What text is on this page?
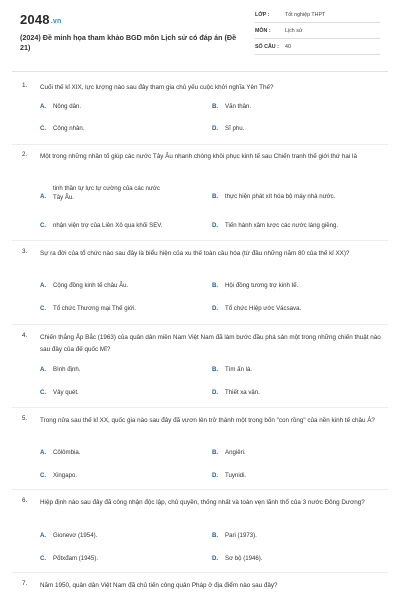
2048.vn
(2024) Đề minh họa tham khảo BGD môn Lịch sử có đáp án (Đề 21)
LỚP :	Tốt nghiệp THPT
MÔN :	Lịch sử
SỐ CÂU : 40
1. Cuối thế kỉ XIX, lực lượng nào sau đây tham gia chủ yếu cuộc khởi nghĩa Yên Thế?
A. Nông dân.	B. Văn thân.
C. Công nhân.	D. Sĩ phu.
2. Một trong những nhân tố giúp các nước Tây Âu nhanh chóng khôi phục kinh tế sau Chiến tranh thế giới thứ hai là
A.
tinh thần tự lực tự cường của các nước Tây Âu.	B. thực hiện phát xít hóa bộ máy nhà nước.
C. nhận viện trợ của Liên Xô qua khối SEV.	D. Tiến hành xâm lược các nước láng giềng.
3. Sự ra đời của tổ chức nào sau đây là biểu hiện của xu thế toàn cầu hóa (từ đầu những năm 80 của thế kỉ XX)?
A. Cộng đồng kinh tế châu Âu.	B. Hội đồng tương trợ kinh tế.
C. Tổ chức Thương mại Thế giới.	D. Tổ chức Hiệp ước Vácsava.
4. Chiến thắng Ấp Bắc (1963) của quân dân miền Nam Việt Nam đã làm bước đầu phá sản một trong những chiến thuật nào sau đây của đế quốc Mĩ?
A. Bình định.	B. Tìm ấn lá.
C. Vây quét.	D. Thiết xa vận.
5. Trong nửa sau thế kỉ XX, quốc gia nào sau đây đã vươn lên trở thành một trong bốn "con rồng" của nền kinh tế châu Á?
A. Côlômbia.	B. Angiêri.
C. Xingapo.	D. Tuynidi.
6. Hiệp định nào sau đây đã công nhận độc lập, chủ quyền, thống nhất và toàn vẹn lãnh thổ của 3 nước Đông Dương?
A. Gionevơ (1954).	B. Pari (1973).
C. Pốtxđam (1945).	D. Sơ bộ (1946).
7. Năm 1950, quân dân Việt Nam đã chủ tiến công quân Pháp ở địa điểm nào sau đây?
